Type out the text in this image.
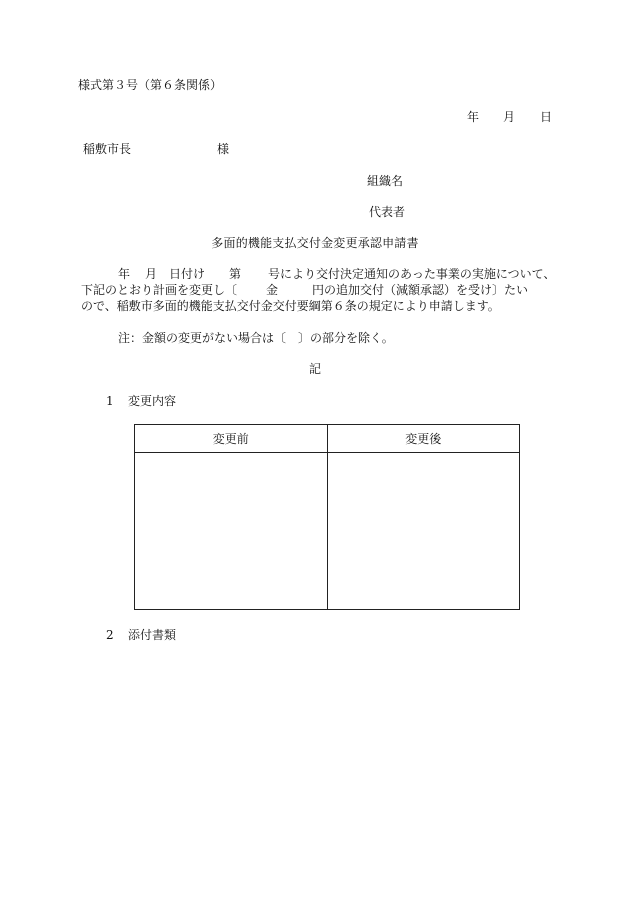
様式第３号（第６条関係）
年 月 日
稲敷市長	様
組織名
代表者
多面的機能支払交付金変更承認申請書
年 月 日付け 第 号により交付決定通知のあった事業の実施について、
下記のとおり計画を変更し〔 金	円の追加交付（減額承認）を受け〕たい
ので、稲敷市多面的機能支払交付金交付要綱第６条の規定により申請します。
注：金額の変更がない場合は〔　〕の部分を除く。
記
1 変更内容
変更前	変更後

2 添付書類
